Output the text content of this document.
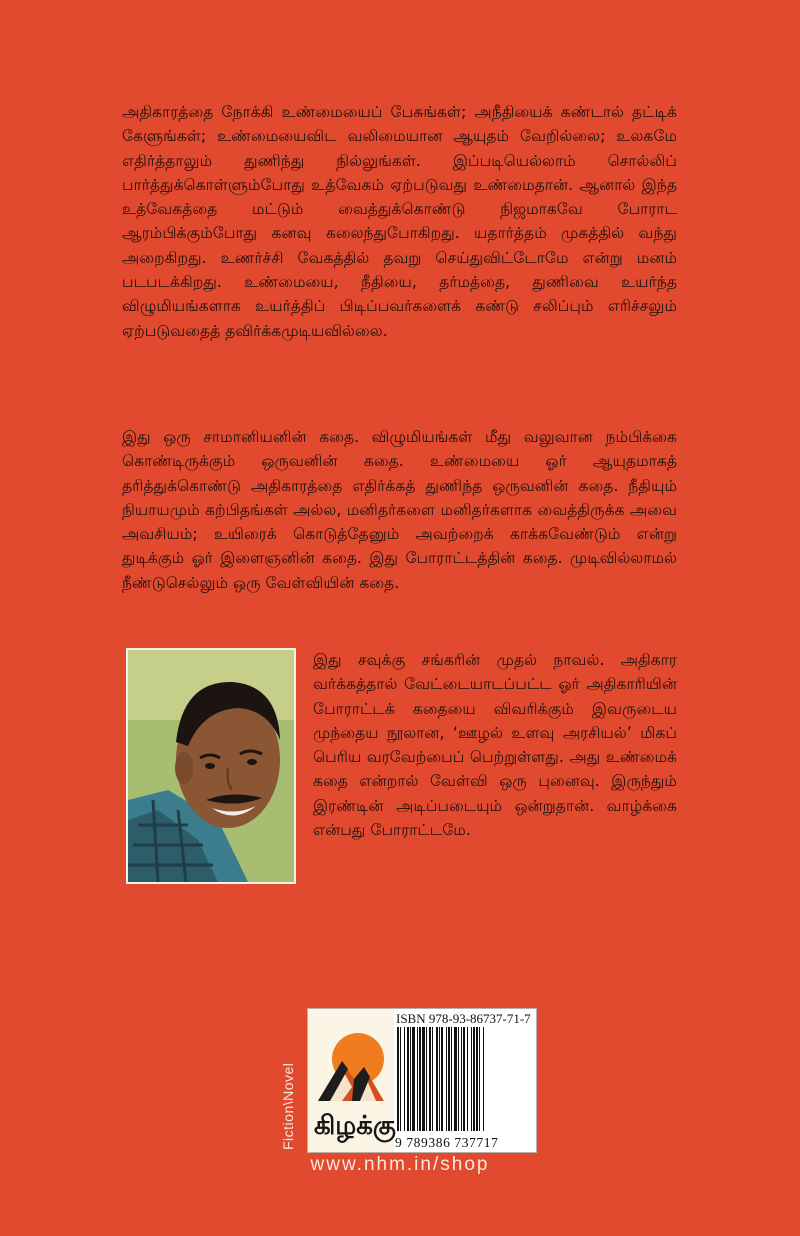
அதிகாரத்தை நோக்கி உண்மையைப் பேசுங்கள்; அநீதியைக் கண்டால் தட்டிக் கேளுங்கள்; உண்மையைவிட வலிமையான ஆயுதம் வேறில்லை; உலகமே எதிர்த்தாலும் துணிந்து நில்லுங்கள். இப்படியெல்லாம் சொல்லிப் பார்த்துக்கொள்ளும்போது உத்வேகம் ஏற்படுவது உண்மைதான். ஆனால் இந்த உத்வேகத்தை மட்டும் வைத்துக்கொண்டு நிஜமாகவே போராட ஆரம்பிக்கும்போது கனவு கலைந்துபோகிறது. யதார்த்தம் முகத்தில் வந்து அறைகிறது. உணர்ச்சி வேகத்தில் தவறு செய்துவிட்டோமே என்று மனம் படபடக்கிறது. உண்மையை, நீதியை, தர்மத்தை, துணிவை உயர்ந்த விழுமியங்களாக உயர்த்திப் பிடிப்பவர்களைக் கண்டு சலிப்பும் எரிச்சலும் ஏற்படுவதைத் தவிர்க்கமுடியவில்லை.

இது ஒரு சாமானியனின் கதை. விழுமியங்கள் மீது வலுவான நம்பிக்கை கொண்டிருக்கும் ஒருவனின் கதை. உண்மையை ஓர் ஆயுதமாகத் தரித்துக்கொண்டு அதிகாரத்தை எதிர்க்கத் துணிந்த ஒருவனின் கதை. நீதியும் நியாயமும் கற்பிதங்கள் அல்ல, மனிதர்களை மனிதர்களாக வைத்திருக்க அவை அவசியம்; உயிரைக் கொடுத்தேனும் அவற்றைக் காக்கவேண்டும் என்று துடிக்கும் ஓர் இளைஞனின் கதை. இது போராட்டத்தின் கதை. முடிவில்லாமல் நீண்டுசெல்லும் ஒரு வேள்வியின் கதை.

இது சவுக்கு சங்கரின் முதல் நாவல். அதிகார வர்க்கத்தால் வேட்டையாடப்பட்ட ஓர் அதிகாரியின் போராட்டக் கதையை விவரிக்கும் இவருடைய முந்தைய நூலான, ‘ஊழல் உளவு அரசியல்’ மிகப் பெரிய வரவேற்பைப் பெற்றுள்ளது. அது உண்மைக் கதை என்றால் வேள்வி ஒரு புனைவு. இருந்தும் இரண்டின் அடிப்படையும் ஒன்றுதான். வாழ்க்கை என்பது போராட்டமே.

Fiction\Novel கிழக்கு
ISBN 978-93-86737-71-7
9 789386 737717
www.nhm.in/shop
